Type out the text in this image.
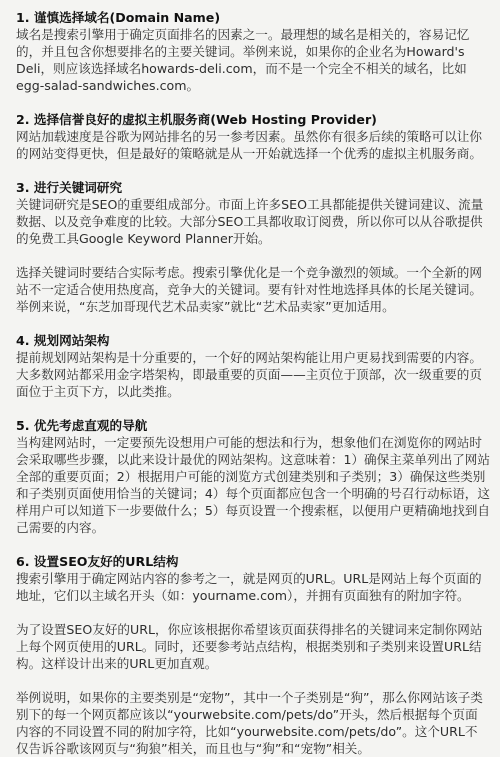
1. 谨慎选择域名(Domain Name)

域名是搜索引擎用于确定页面排名的因素之一。最理想的域名是相关的，容易记忆的，并且包含你想要排名的主要关键词。举例来说，如果你的企业名为Howard's Deli，则应该选择域名howards-deli.com，而不是一个完全不相关的域名，比如egg-salad-sandwiches.com。

2. 选择信誉良好的虚拟主机服务商(Web Hosting Provider)

网站加载速度是谷歌为网站排名的另一参考因素。虽然你有很多后续的策略可以让你的网站变得更快，但是最好的策略就是从一开始就选择一个优秀的虚拟主机服务商。

3. 进行关键词研究

关键词研究是SEO的重要组成部分。市面上许多SEO工具都能提供关键词建议、流量数据、以及竞争难度的比较。大部分SEO工具都收取订阅费，所以你可以从谷歌提供的免费工具Google Keyword Planner开始。

选择关键词时要结合实际考虑。搜索引擎优化是一个竞争激烈的领域。一个全新的网站不一定适合使用热度高，竞争大的关键词。要有针对性地选择具体的长尾关键词。举例来说，“东芝加哥现代艺术品卖家”就比“艺术品卖家”更加适用。

4. 规划网站架构

提前规划网站架构是十分重要的，一个好的网站架构能让用户更易找到需要的内容。大多数网站都采用金字塔架构，即最重要的页面——主页位于顶部，次一级重要的页面位于主页下方，以此类推。

5. 优先考虑直观的导航

当构建网站时，一定要预先设想用户可能的想法和行为，想象他们在浏览你的网站时会采取哪些步骤，以此来设计最优的网站架构。这意味着：1）确保主菜单列出了网站全部的重要页面；2）根据用户可能的浏览方式创建类别和子类别；3）确保这些类别和子类别页面使用恰当的关键词；4）每个页面都应包含一个明确的号召行动标语，这样用户可以知道下一步要做什么；5）每页设置一个搜索框，以便用户更精确地找到自己需要的内容。

6. 设置SEO友好的URL结构

搜索引擎用于确定网站内容的参考之一，就是网页的URL。URL是网站上每个页面的地址，它们以主域名开头（如：yourname.com），并拥有页面独有的附加字符。

为了设置SEO友好的URL，你应该根据你希望该页面获得排名的关键词来定制你网站上每个网页使用的URL。同时，还要参考站点结构，根据类别和子类别来设置URL结构。这样设计出来的URL更加直观。

举例说明，如果你的主要类别是“宠物”，其中一个子类别是“狗”，那么你网站该子类别下的每一个网页都应该以“yourwebsite.com/pets/do”开头，然后根据每个页面内容的不同设置不同的附加字符，比如“yourwebsite.com/pets/do”。这个URL不仅告诉谷歌该网页与“狗狼”相关，而且也与“狗”和“宠物”相关。
